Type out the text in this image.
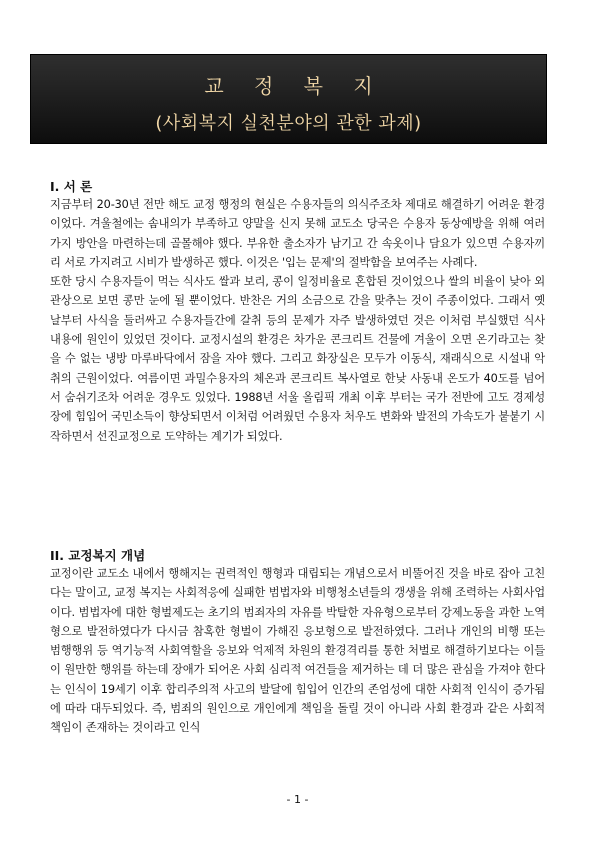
교 정 복 지
(사회복지 실천분야의 관한 과제)
I. 서 론

지금부터 20-30년 전만 해도 교정 행정의 현실은 수용자들의 의식주조차 제대로 해결하기 어려운 환경이었다. 겨울철에는 솜내의가 부족하고 양말을 신지 못해 교도소 당국은 수용자 동상예방을 위해 여러 가지 방안을 마련하는데 골몰해야 했다. 부유한 출소자가 남기고 간 속옷이나 담요가 있으면 수용자끼리 서로 가지려고 시비가 발생하곤 했다. 이것은 '입는 문제'의 절박함을 보여주는 사례다.

또한 당시 수용자들이 먹는 식사도 쌀과 보리, 콩이 일정비율로 혼합된 것이었으나 쌀의 비율이 낮아 외관상으로 보면 콩만 눈에 될 뿐이었다. 반찬은 거의 소금으로 간을 맞추는 것이 주종이었다. 그래서 옛날부터 사식을 둘러싸고 수용자들간에 갈취 등의 문제가 자주 발생하였던 것은 이처럼 부실했던 식사 내용에 원인이 있었던 것이다. 교정시설의 환경은 차가운 콘크리트 건물에 겨울이 오면 온기라고는 찾을 수 없는 냉방 마루바닥에서 잠을 자야 했다. 그리고 화장실은 모두가 이동식, 재래식으로 시설내 악취의 근원이었다. 여름이면 과밀수용자의 체온과 콘크리트 복사열로 한낮 사동내 온도가 40도를 넘어서 숨쉬기조차 어려운 경우도 있었다. 1988년 서울 올림픽 개최 이후 부터는 국가 전반에 고도 경제성장에 힘입어 국민소득이 향상되면서 이처럼 어려웠던 수용자 처우도 변화와 발전의 가속도가 붙붙기 시작하면서 선진교정으로 도약하는 계기가 되었다.

II. 교정복지 개념

교정이란 교도소 내에서 행해지는 권력적인 행형과 대립되는 개념으로서 비뚤어진 것을 바로 잡아 고친다는 말이고, 교정 복지는 사회적응에 실패한 범법자와 비행청소년들의 갱생을 위해 조력하는 사회사업이다. 범법자에 대한 형벌제도는 초기의 범죄자의 자유를 박탈한 자유형으로부터 강제노동을 과한 노역형으로 발전하였다가 다시금 참혹한 형벌이 가해진 응보형으로 발전하였다. 그러나 개인의 비행 또는 범행행위 등 역기능적 사회역할을 응보와 억제적 차원의 환경격리를 통한 처벌로 해결하기보다는 이들이 원만한 행위를 하는데 장애가 되어온 사회 심리적 여건들을 제거하는 데 더 많은 관심을 가져야 한다는 인식이 19세기 이후 합리주의적 사고의 발달에 힘입어 인간의 존엄성에 대한 사회적 인식이 증가됨에 따라 대두되었다. 즉, 범죄의 원인으로 개인에게 책임을 돌릴 것이 아니라 사회 환경과 같은 사회적 책임이 존재하는 것이라고 인식

- 1 -
